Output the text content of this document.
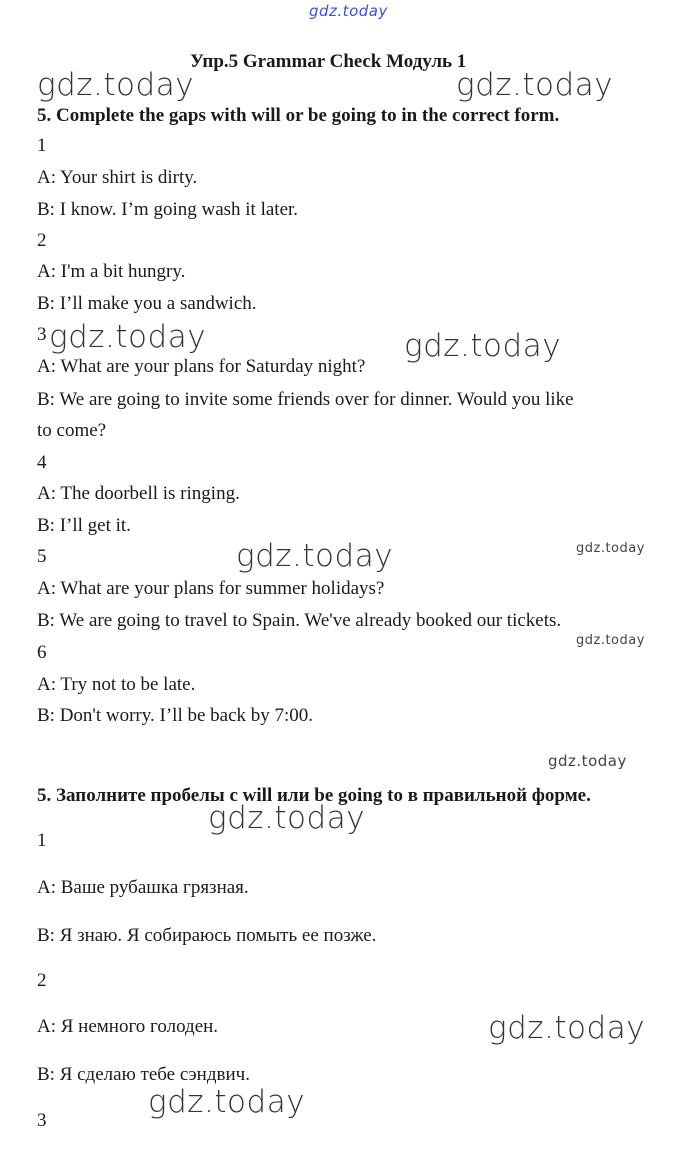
gdz.today
Упр.5 Grammar Check Модуль 1
5. Complete the gaps with will or be going to in the correct form.
1
A: Your shirt is dirty.
B: I know. I’m going wash it later.
2
A: I'm a bit hungry.
B: I’ll make you a sandwich.
3
A: What are your plans for Saturday night?
B: We are going to invite some friends over for dinner. Would you like
to come?
4
A: The doorbell is ringing.
B: I’ll get it.
5
A: What are your plans for summer holidays?
B: We are going to travel to Spain. We've already booked our tickets.
6
A: Try not to be late.
B: Don't worry. I’ll be back by 7:00.
5. Заполните пробелы с will или be going to в правильной форме.
1
A: Ваше рубашка грязная.
B: Я знаю. Я собираюсь помыть ее позже.
2
A: Я немного голоден.
B: Я сделаю тебе сэндвич.
3
gdz.today	gdz.today
gdz.today	gdz.today
gdz.today	gdz.today
gdz.today
gdz.today
gdz.today
gdz.today
gdz.today
